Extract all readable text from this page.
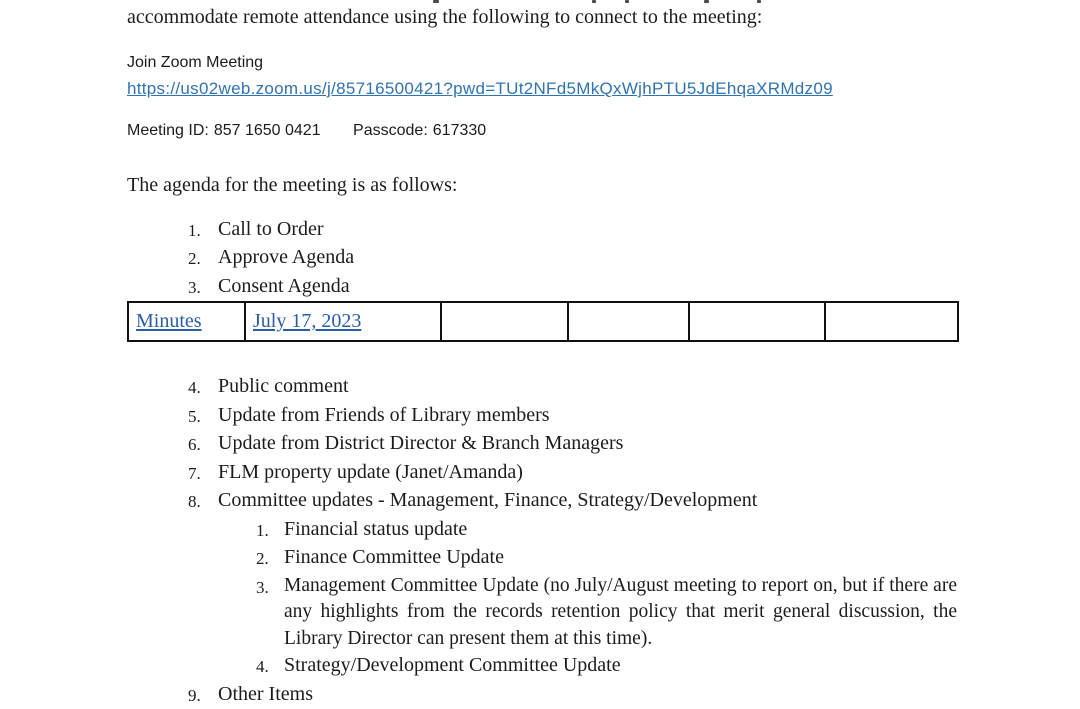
accommodate remote attendance using the following to connect to the meeting:

Join Zoom Meeting

https://us02web.zoom.us/j/85716500421?pwd=TUt2NFd5MkQxWjhPTU5JdEhqaXRMdz09

Meeting ID: 857 1650 0421 Passcode: 617330

The agenda for the meeting is as follows:

1. Call to Order
2. Approve Agenda
3. Consent Agenda
Minutes	July 17, 2023				
4. Public comment
5. Update from Friends of Library members
6. Update from District Director & Branch Managers
7. FLM property update (Janet/Amanda)
8. Committee updates - Management, Finance, Strategy/Development
1. Financial status update
2. Finance Committee Update
3. Management Committee Update (no July/August meeting to report on, but if there are any highlights from the records retention policy that merit general discussion, the Library Director can present them at this time).
4. Strategy/Development Committee Update
9. Other Items
